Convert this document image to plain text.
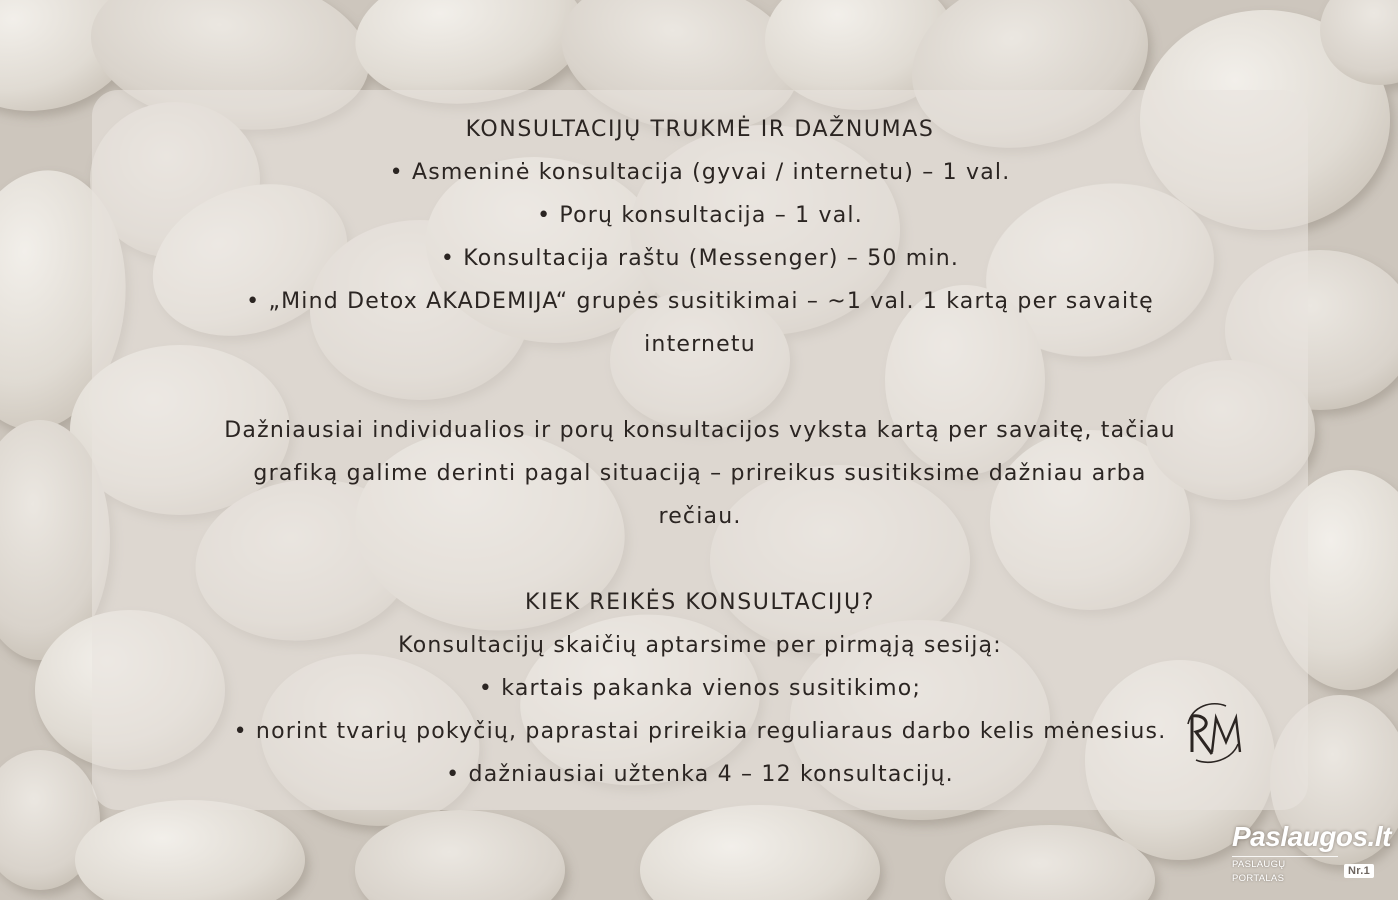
KONSULTACIJŲ TRUKMĖ IR DAŽNUMAS

• Asmeninė konsultacija (gyvai / internetu) – 1 val.

• Porų konsultacija – 1 val.

• Konsultacija raštu (Messenger) – 50 min.

• „Mind Detox AKADEMIJA“ grupės susitikimai – ~1 val. 1 kartą per savaitę

internetu

Dažniausiai individualios ir porų konsultacijos vyksta kartą per savaitę, tačiau

grafiką galime derinti pagal situaciją – prireikus susitiksime dažniau arba

rečiau.

KIEK REIKĖS KONSULTACIJŲ?

Konsultacijų skaičių aptarsime per pirmąją sesiją:

• kartais pakanka vienos susitikimo;

• norint tvarių pokyčių, paprastai prireikia reguliaraus darbo kelis mėnesius.

• dažniausiai užtenka 4 – 12 konsultacijų.

Paslaugos.lt
PASLAUGŲ PORTALAS
Nr.1
